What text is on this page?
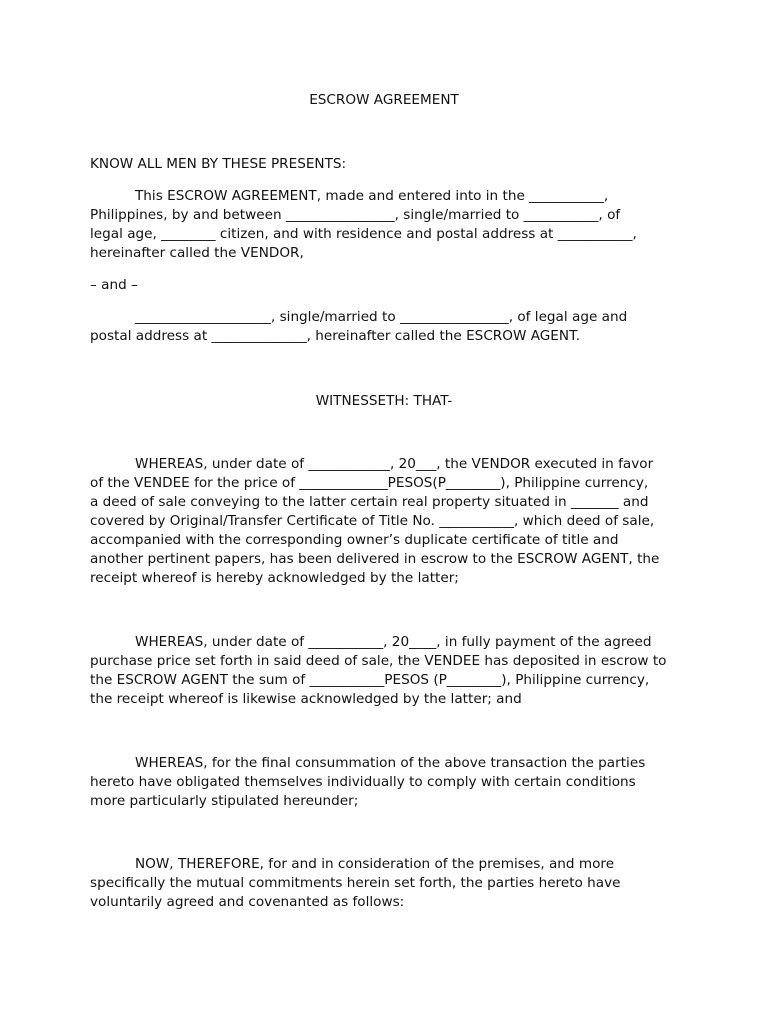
ESCROW AGREEMENT
KNOW ALL MEN BY THESE PRESENTS:
This ESCROW AGREEMENT, made and entered into in the ___________,
Philippines, by and between ________________, single/married to ___________, of
legal age, ________ citizen, and with residence and postal address at ___________,
hereinafter called the VENDOR,
– and –
____________________, single/married to ________________, of legal age and
postal address at ______________, hereinafter called the ESCROW AGENT.
WITNESSETH: THAT-
WHEREAS, under date of ____________, 20___, the VENDOR executed in favor
of the VENDEE for the price of _____________PESOS(P________), Philippine currency,
a deed of sale conveying to the latter certain real property situated in _______ and
covered by Original/Transfer Certificate of Title No. ___________, which deed of sale,
accompanied with the corresponding owner’s duplicate certificate of title and
another pertinent papers, has been delivered in escrow to the ESCROW AGENT, the
receipt whereof is hereby acknowledged by the latter;
WHEREAS, under date of ___________, 20____, in fully payment of the agreed
purchase price set forth in said deed of sale, the VENDEE has deposited in escrow to
the ESCROW AGENT the sum of ___________PESOS (P________), Philippine currency,
the receipt whereof is likewise acknowledged by the latter; and
WHEREAS, for the final consummation of the above transaction the parties
hereto have obligated themselves individually to comply with certain conditions
more particularly stipulated hereunder;
NOW, THEREFORE, for and in consideration of the premises, and more
specifically the mutual commitments herein set forth, the parties hereto have
voluntarily agreed and covenanted as follows:
